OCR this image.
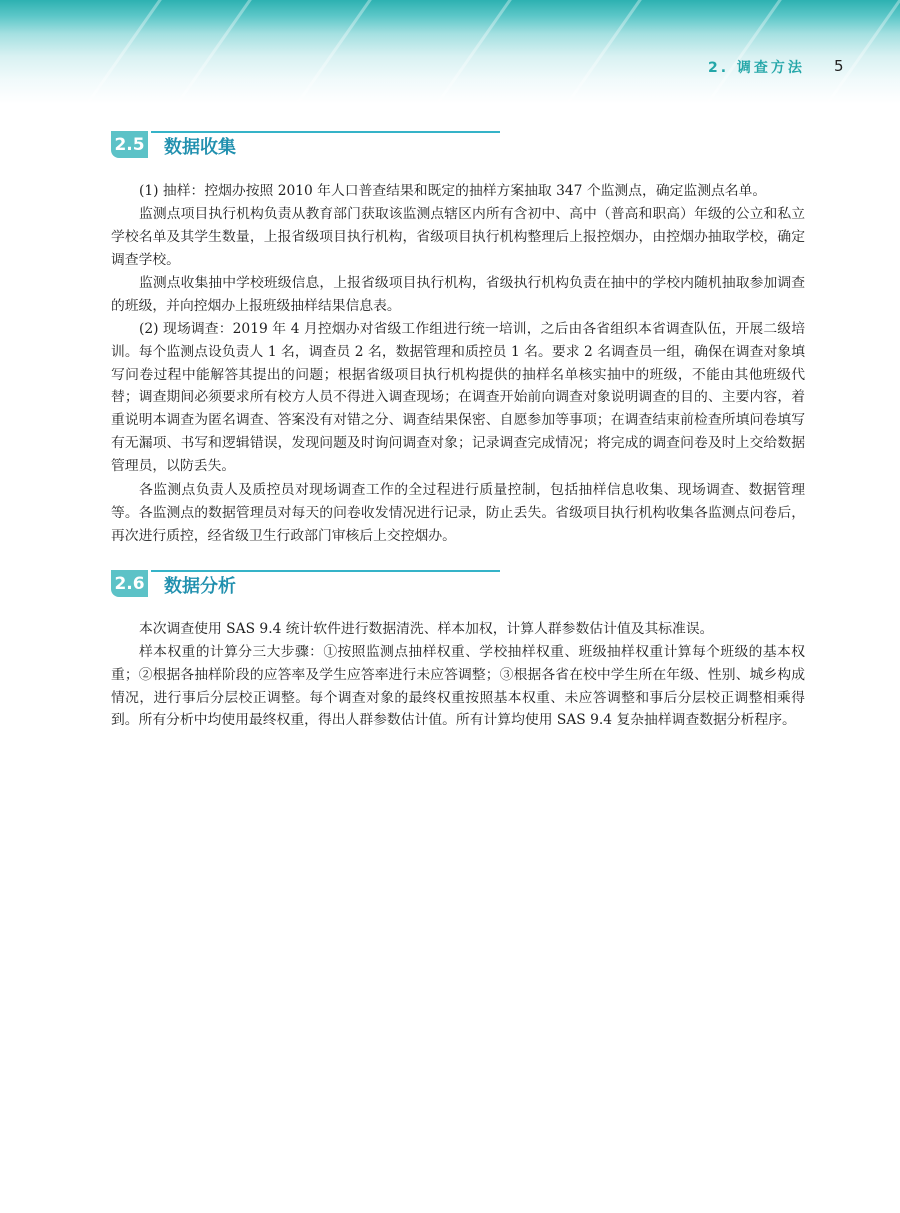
2. 调查方法 5
2.5 数据收集

(1) 抽样：控烟办按照 2010 年人口普查结果和既定的抽样方案抽取 347 个监测点，确定监测点名单。

监测点项目执行机构负责从教育部门获取该监测点辖区内所有含初中、高中（普高和职高）年级的公立和私立学校名单及其学生数量，上报省级项目执行机构，省级项目执行机构整理后上报控烟办，由控烟办抽取学校，确定调查学校。

监测点收集抽中学校班级信息，上报省级项目执行机构，省级执行机构负责在抽中的学校内随机抽取参加调查的班级，并向控烟办上报班级抽样结果信息表。

(2) 现场调查：2019 年 4 月控烟办对省级工作组进行统一培训，之后由各省组织本省调查队伍，开展二级培训。每个监测点设负责人 1 名，调查员 2 名，数据管理和质控员 1 名。要求 2 名调查员一组，确保在调查对象填写问卷过程中能解答其提出的问题；根据省级项目执行机构提供的抽样名单核实抽中的班级，不能由其他班级代替；调查期间必须要求所有校方人员不得进入调查现场；在调查开始前向调查对象说明调查的目的、主要内容，着重说明本调查为匿名调查、答案没有对错之分、调查结果保密、自愿参加等事项；在调查结束前检查所填问卷填写有无漏项、书写和逻辑错误，发现问题及时询问调查对象；记录调查完成情况；将完成的调查问卷及时上交给数据管理员，以防丢失。

各监测点负责人及质控员对现场调查工作的全过程进行质量控制，包括抽样信息收集、现场调查、数据管理等。各监测点的数据管理员对每天的问卷收发情况进行记录，防止丢失。省级项目执行机构收集各监测点问卷后，再次进行质控，经省级卫生行政部门审核后上交控烟办。

2.6 数据分析

本次调查使用 SAS 9.4 统计软件进行数据清洗、样本加权，计算人群参数估计值及其标准误。

样本权重的计算分三大步骤：①按照监测点抽样权重、学校抽样权重、班级抽样权重计算每个班级的基本权重；②根据各抽样阶段的应答率及学生应答率进行未应答调整；③根据各省在校中学生所在年级、性别、城乡构成情况，进行事后分层校正调整。每个调查对象的最终权重按照基本权重、未应答调整和事后分层校正调整相乘得到。所有分析中均使用最终权重，得出人群参数估计值。所有计算均使用 SAS 9.4 复杂抽样调查数据分析程序。
